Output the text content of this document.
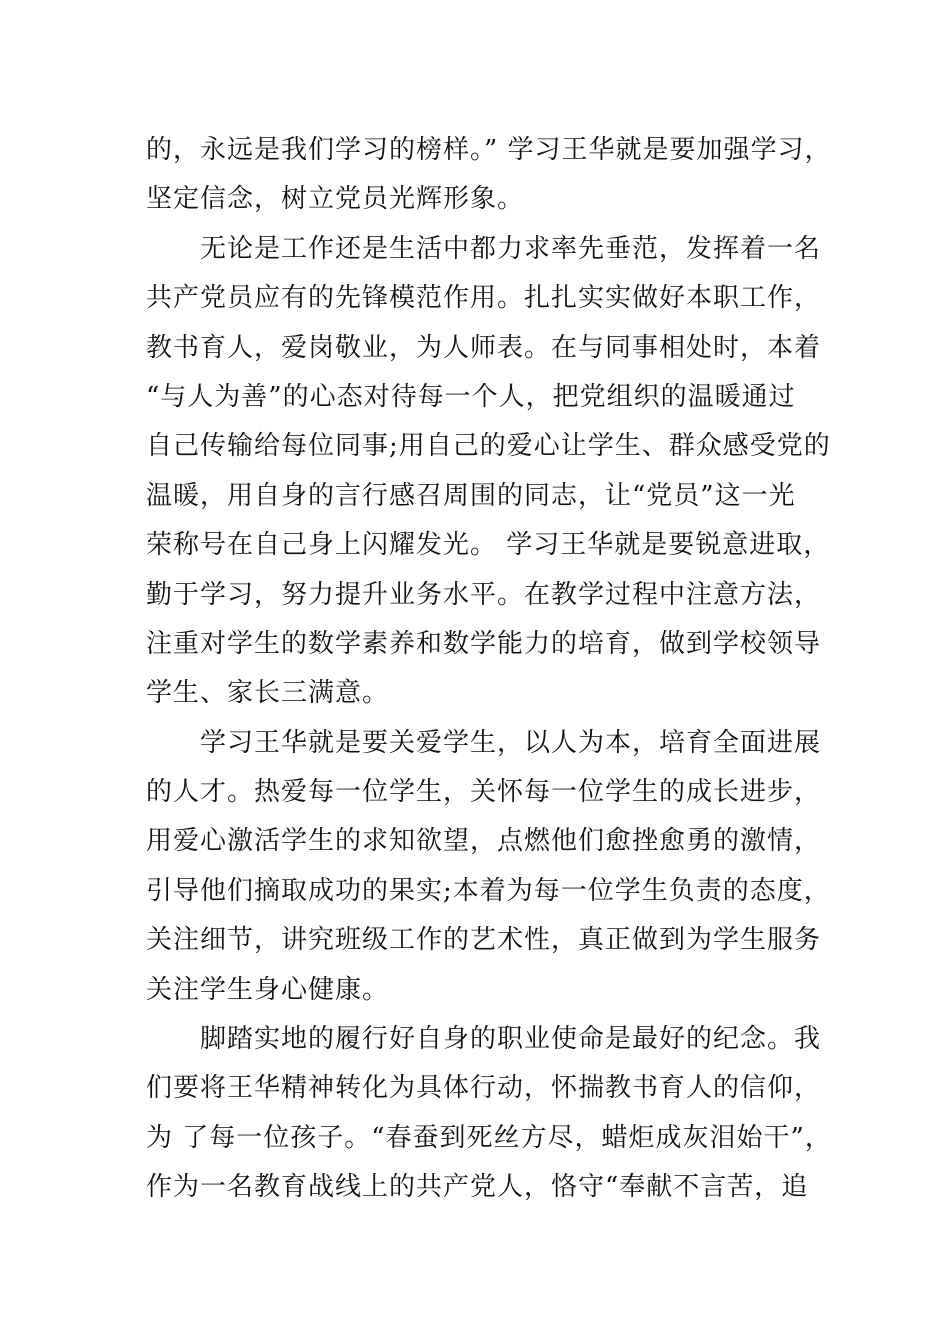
的，永远是我们学习的榜样。” 学习王华就是要加强学习，
坚定信念，树立党员光辉形象。
无论是工作还是生活中都力求率先垂范，发挥着一名
共产党员应有的先锋模范作用。扎扎实实做好本职工作，
教书育人，爱岗敬业，为人师表。在与同事相处时，本着
“与人为善”的心态对待每一个人，把党组织的温暖通过
自己传输给每位同事;用自己的爱心让学生、群众感受党的
温暖，用自身的言行感召周围的同志，让“党员”这一光
荣称号在自己身上闪耀发光。 学习王华就是要锐意进取，
勤于学习，努力提升业务水平。在教学过程中注意方法，
注重对学生的数学素养和数学能力的培育，做到学校领导
学生、家长三满意。
学习王华就是要关爱学生，以人为本，培育全面进展
的人才。热爱每一位学生，关怀每一位学生的成长进步，
用爱心激活学生的求知欲望，点燃他们愈挫愈勇的激情，
引导他们摘取成功的果实;本着为每一位学生负责的态度，
关注细节，讲究班级工作的艺术性，真正做到为学生服务
关注学生身心健康。
脚踏实地的履行好自身的职业使命是最好的纪念。我
们要将王华精神转化为具体行动，怀揣教书育人的信仰，
为 了每一位孩子。“春蚕到死丝方尽，蜡炬成灰泪始干”，
作为一名教育战线上的共产党人，恪守“奉献不言苦，追
